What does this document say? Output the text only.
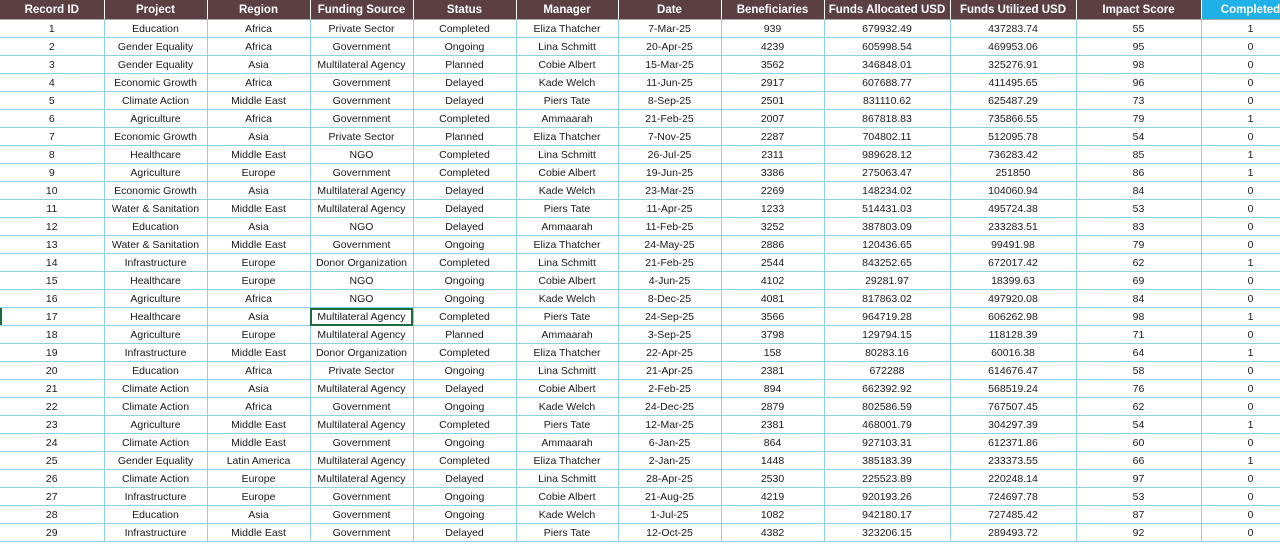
Record ID	Project	Region	Funding Source	Status	Manager	Date	Beneficiaries	Funds Allocated USD	Funds Utilized USD	Impact Score	Completed
1	Education	Africa	Private Sector	Completed	Eliza Thatcher	7-Mar-25	939	679932.49	437283.74	55	1
2	Gender Equality	Africa	Government	Ongoing	Lina Schmitt	20-Apr-25	4239	605998.54	469953.06	95	0
3	Gender Equality	Asia	Multilateral Agency	Planned	Cobie Albert	15-Mar-25	3562	346848.01	325276.91	98	0
4	Economic Growth	Africa	Government	Delayed	Kade Welch	11-Jun-25	2917	607688.77	411495.65	96	0
5	Climate Action	Middle East	Government	Delayed	Piers Tate	8-Sep-25	2501	831110.62	625487.29	73	0
6	Agriculture	Africa	Government	Completed	Ammaarah	21-Feb-25	2007	867818.83	735866.55	79	1
7	Economic Growth	Asia	Private Sector	Planned	Eliza Thatcher	7-Nov-25	2287	704802.11	512095.78	54	0
8	Healthcare	Middle East	NGO	Completed	Lina Schmitt	26-Jul-25	2311	989628.12	736283.42	85	1
9	Agriculture	Europe	Government	Completed	Cobie Albert	19-Jun-25	3386	275063.47	251850	86	1
10	Economic Growth	Asia	Multilateral Agency	Delayed	Kade Welch	23-Mar-25	2269	148234.02	104060.94	84	0
11	Water & Sanitation	Middle East	Multilateral Agency	Delayed	Piers Tate	11-Apr-25	1233	514431.03	495724.38	53	0
12	Education	Asia	NGO	Delayed	Ammaarah	11-Feb-25	3252	387803.09	233283.51	83	0
13	Water & Sanitation	Middle East	Government	Ongoing	Eliza Thatcher	24-May-25	2886	120436.65	99491.98	79	0
14	Infrastructure	Europe	Donor Organization	Completed	Lina Schmitt	21-Feb-25	2544	843252.65	672017.42	62	1
15	Healthcare	Europe	NGO	Ongoing	Cobie Albert	4-Jun-25	4102	29281.97	18399.63	69	0
16	Agriculture	Africa	NGO	Ongoing	Kade Welch	8-Dec-25	4081	817863.02	497920.08	84	0
17	Healthcare	Asia	Multilateral Agency	Completed	Piers Tate	24-Sep-25	3566	964719.28	606262.98	98	1
18	Agriculture	Europe	Multilateral Agency	Planned	Ammaarah	3-Sep-25	3798	129794.15	118128.39	71	0
19	Infrastructure	Middle East	Donor Organization	Completed	Eliza Thatcher	22-Apr-25	158	80283.16	60016.38	64	1
20	Education	Africa	Private Sector	Ongoing	Lina Schmitt	21-Apr-25	2381	672288	614676.47	58	0
21	Climate Action	Asia	Multilateral Agency	Delayed	Cobie Albert	2-Feb-25	894	662392.92	568519.24	76	0
22	Climate Action	Africa	Government	Ongoing	Kade Welch	24-Dec-25	2879	802586.59	767507.45	62	0
23	Agriculture	Middle East	Multilateral Agency	Completed	Piers Tate	12-Mar-25	2381	468001.79	304297.39	54	1
24	Climate Action	Middle East	Government	Ongoing	Ammaarah	6-Jan-25	864	927103.31	612371.86	60	0
25	Gender Equality	Latin America	Multilateral Agency	Completed	Eliza Thatcher	2-Jan-25	1448	385183.39	233373.55	66	1
26	Climate Action	Europe	Multilateral Agency	Delayed	Lina Schmitt	28-Apr-25	2530	225523.89	220248.14	97	0
27	Infrastructure	Europe	Government	Ongoing	Cobie Albert	21-Aug-25	4219	920193.26	724697.78	53	0
28	Education	Asia	Government	Ongoing	Kade Welch	1-Jul-25	1082	942180.17	727485.42	87	0
29	Infrastructure	Middle East	Government	Delayed	Piers Tate	12-Oct-25	4382	323206.15	289493.72	92	0
